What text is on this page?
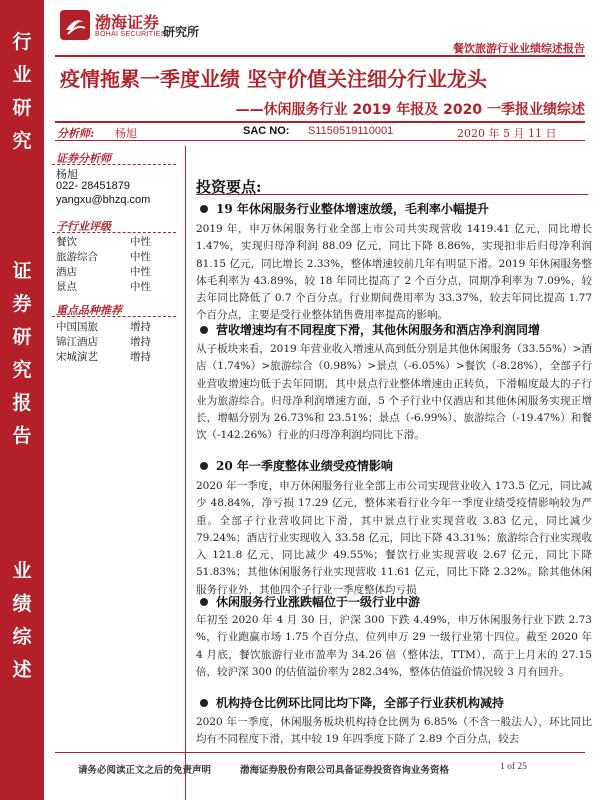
行
业
研
究
证
券
研
究
报
告
业
绩
综
述
渤海证券
BOHAI SECURITIES
研究所
餐饮旅游行业业绩综述报告
疫情拖累一季度业绩 坚守价值关注细分行业龙头
——休闲服务行业 2019 年报及 2020 一季报业绩综述
分析师: 杨旭	SAC NO: S1150519110001	2020 年 5 月 11 日
证券分析师
杨旭
022- 28451879
yangxu@bhzq.com
子行业评级
餐饮	中性
旅游综合	中性
酒店	中性
景点	中性
重点品种推荐
中国国旅	增持
锦江酒店	增持
宋城演艺	增持
投资要点:
19 年休闲服务行业整体增速放缓，毛利率小幅提升
2019 年，申万休闲服务行业全部上市公司共实现营收 1419.41 亿元，同比增长 1.47%，实现归母净利润 88.09 亿元，同比下降 8.86%，实现扣非后归母净利润 81.15 亿元，同比增长 2.33%，整体增速较前几年有明显下滑。2019 年休闲服务整体毛利率为 43.89%，较 18 年同比提高了 2 个百分点，同期净利率为 7.09%，较去年同比降低了 0.7 个百分点。行业期间费用率为 33.37%，较去年同比提高 1.77 个百分点，主要是受行业整体销售费用率提高的影响。
营收增速均有不同程度下滑，其他休闲服务和酒店净利润同增
从子板块来看，2019 年营业收入增速从高到低分别是其他休闲服务（33.55%）>酒店（1.74%）>旅游综合（0.98%）>景点（-6.05%）>餐饮（-8.28%），全部子行业营收增速均低于去年同期，其中景点行业整体增速由正转负，下滑幅度最大的子行业为旅游综合。归母净利润增速方面，5 个子行业中仅酒店和其他休闲服务实现正增长，增幅分别为 26.73%和 23.51%；景点（-6.99%）、旅游综合（-19.47%）和餐饮（-142.26%）行业的归母净利润均同比下滑。
20 年一季度整体业绩受疫情影响
2020 年一季度，申万休闲服务行业全部上市公司实现营业收入 173.5 亿元，同比减少 48.84%，净亏损 17.29 亿元，整体来看行业今年一季度业绩受疫情影响较为严重。全部子行业营收同比下滑，其中景点行业实现营收 3.83 亿元，同比减少 79.24%；酒店行业实现收入 33.58 亿元，同比下降 43.31%；旅游综合行业实现收入 121.8 亿元，同比减少 49.55%；餐饮行业实现营收 2.67 亿元，同比下降 51.83%；其他休闲服务行业实现营收 11.61 亿元，同比下降 2.32%。除其他休闲服务行业外，其他四个子行业一季度整体均亏损
休闲服务行业涨跌幅位于一级行业中游
年初至 2020 年 4 月 30 日，沪深 300 下跌 4.49%，申万休闲服务行业下跌 2.73 %，行业跑赢市场 1.75 个百分点，位列申万 29 一级行业第十四位。截至 2020 年 4 月底，餐饮旅游行业市盈率为 34.26 倍（整体法，TTM），高于上月末的 27.15 倍，较沪深 300 的估值溢价率为 282.34%，整体估值溢价情况较 3 月有回升。
机构持仓比例环比同比均下降，全部子行业获机构减持
2020 年一季度，休闲服务板块机构持仓比例为 6.85%（不含一般法人），环比同比均有不同程度下滑，其中较 19 年四季度下降了 2.89 个百分点，较去
请务必阅读正文之后的免责声明	渤海证券股份有限公司具备证券投资咨询业务资格	1 of 25
